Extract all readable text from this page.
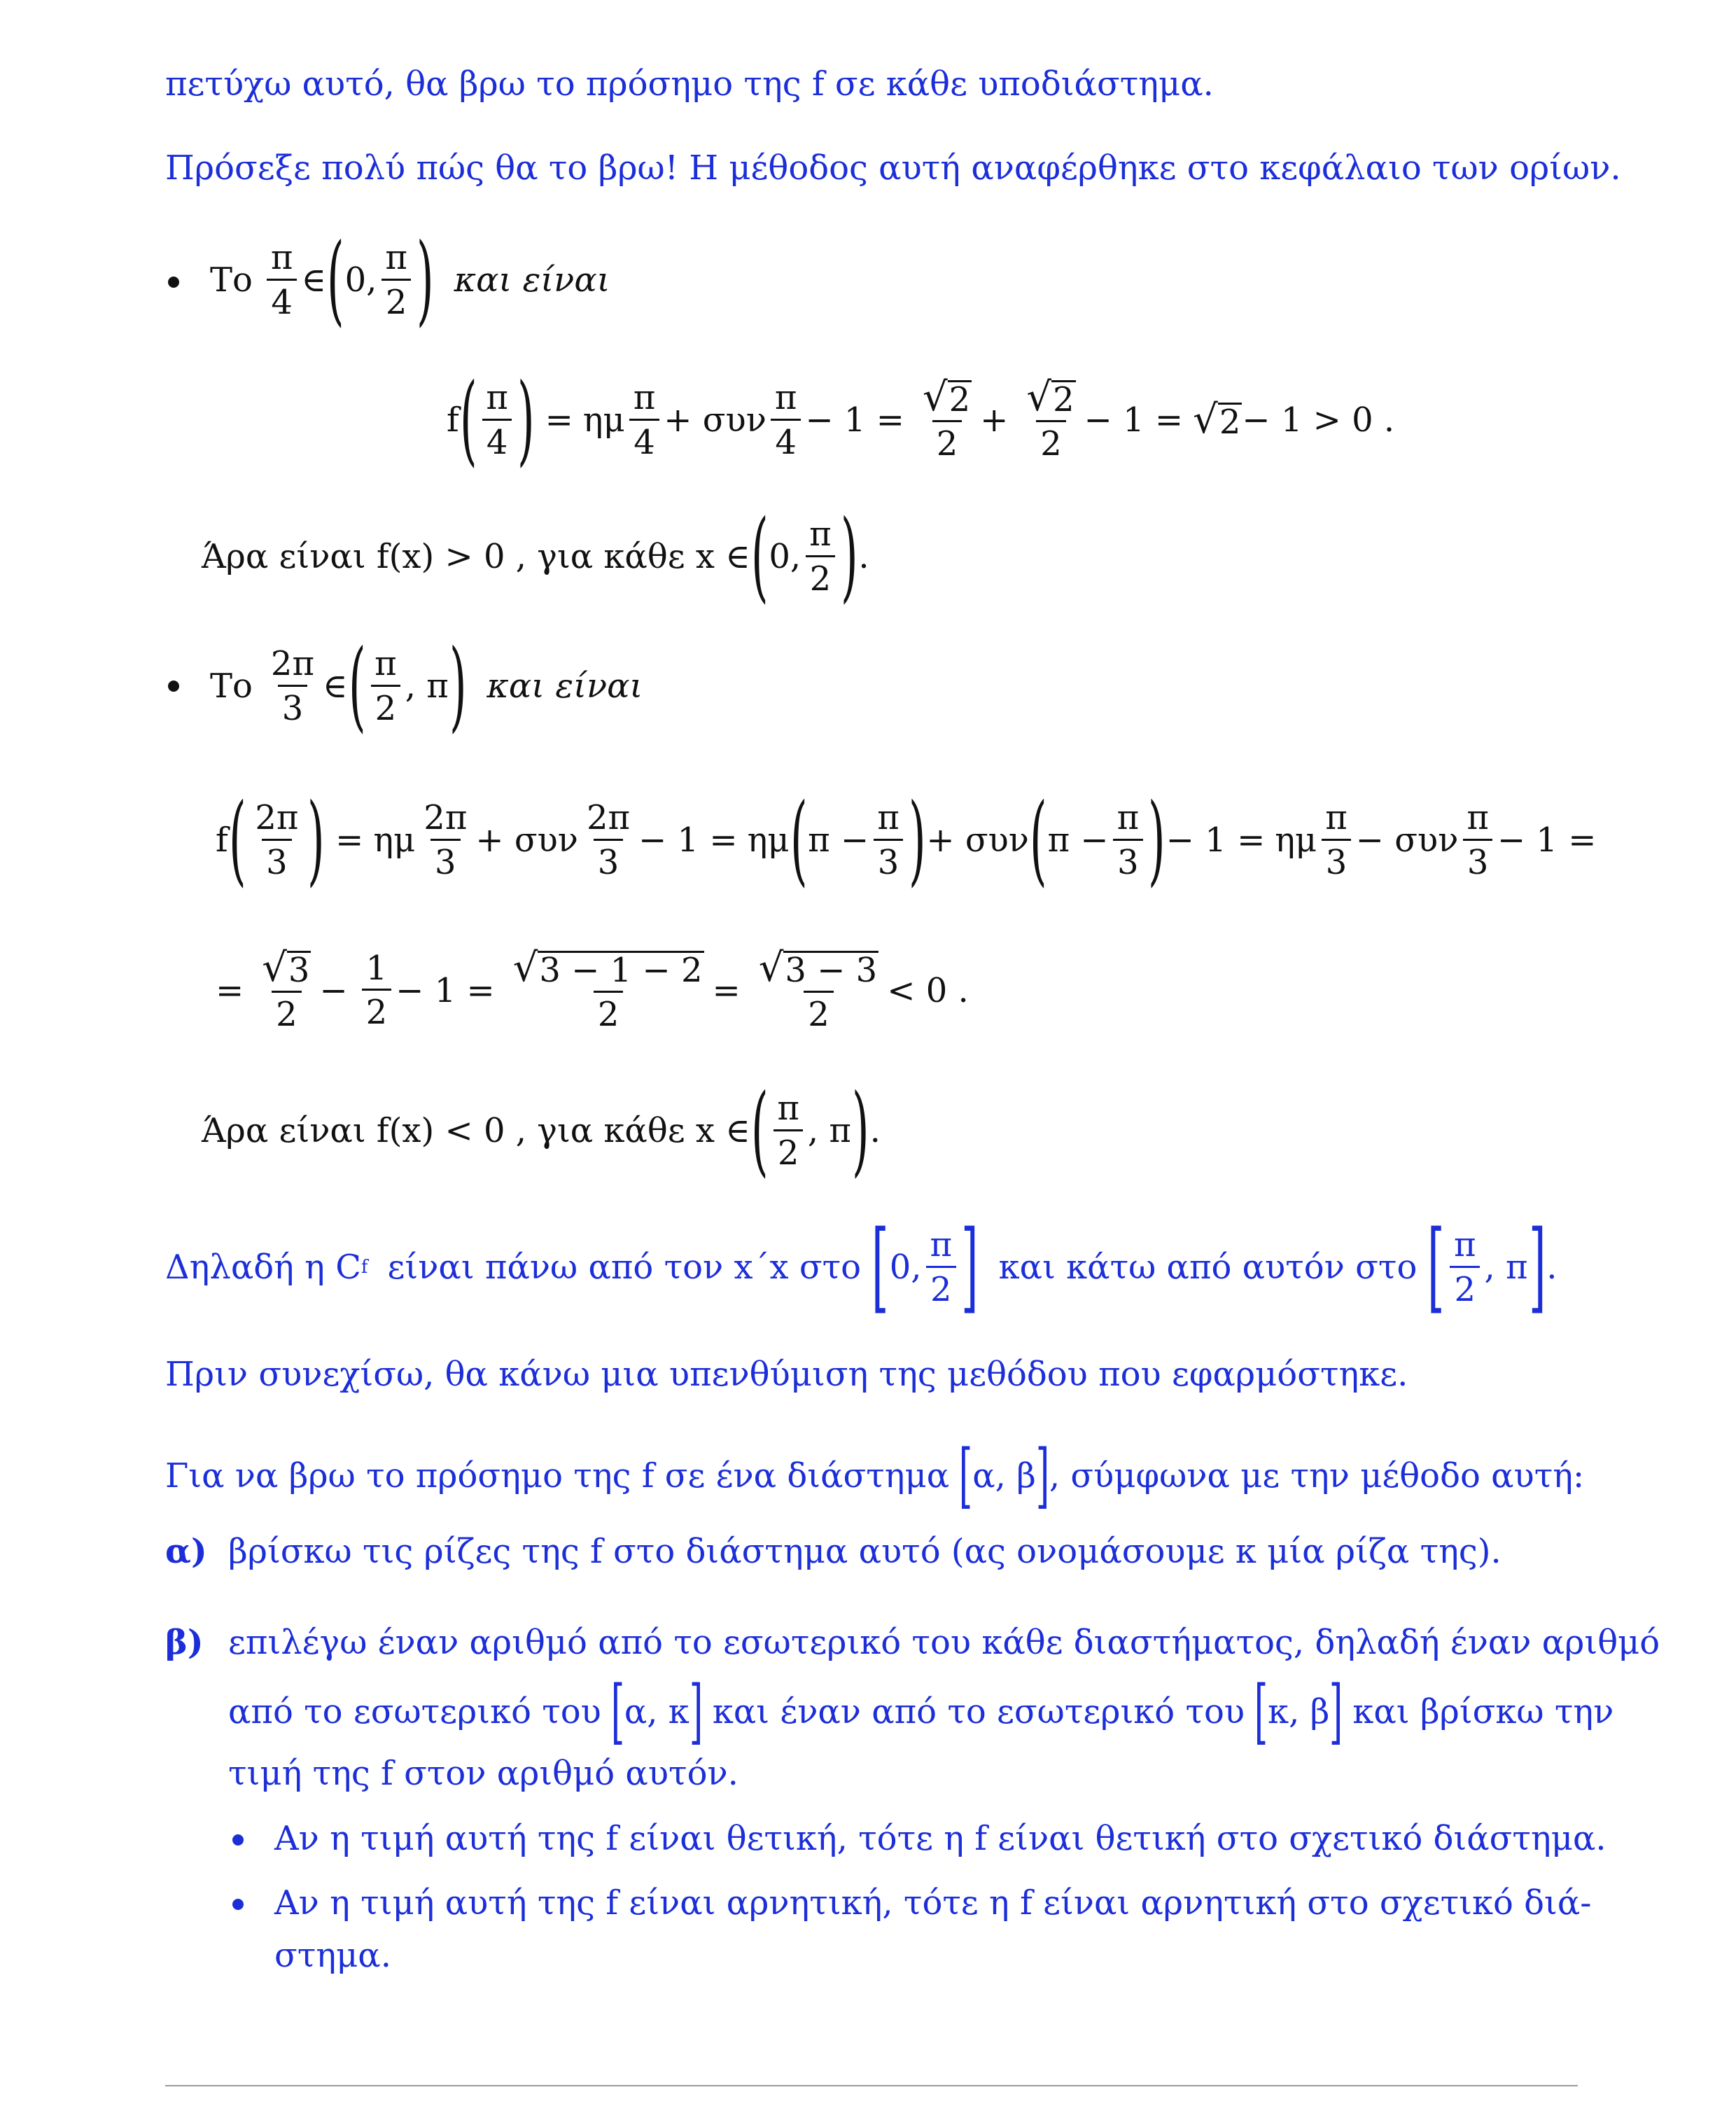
πετύχω αυτό, θα βρω το πρόσημο της f σε κάθε υποδιάστημα.
Πρόσεξε πολύ πώς θα το βρω! Η μέθοδος αυτή αναφέρθηκε στο κεφάλαιο των ορίων.
Το $\frac{\pi}{4}$ ∈ ( 0, $\frac{\pi}{2}$ ) και είναι
f ( $\frac{\pi}{4}$ ) = ημ $\frac{\pi}{4} + \sigma\upsilon\nu \frac{\pi}{4} - 1 = \frac{√ 2}{2} + \frac{√ 2}{2} - 1$ = √ 2 − 1 > 0 .
Άρα είναι f(x) > 0 , για κάθε x ∈ ( 0, $\frac{\pi}{2}$ ) .
Το $\frac{2\pi}{3}$ ∈ ( $\frac{\pi}{2}$ , π ) και είναι
f ( $\frac{2\pi}{3}$ ) = ημ $\frac{2\pi}{3} + \sigma\upsilon\nu \frac{2\pi}{3} - 1 = \eta\mu$ ( $\pi - \frac{\pi}{3}$ ) + συν ( $\pi - \frac{\pi}{3}$ ) − 1 = ημ $\frac{\pi}{3} - \sigma\upsilon\nu \frac{\pi}{3} - 1$ =
= $\frac{√ 3}{2} - \frac{1}{2} - 1 = \frac{√ 3 - 1 - 2}{2} = \frac{√ 3 - 3}{2} < 0$ .
Άρα είναι f(x) < 0 , για κάθε x ∈ ( $\frac{\pi}{2}$ , π ) .
Δηλαδή η C f είναι πάνω από τον x΄x στο [ 0, $\frac{\pi}{2}$ ] και κάτω από αυτόν στο [ $\frac{\pi}{2}$ , π ] .
Πριν συνεχίσω, θα κάνω μια υπενθύμιση της μεθόδου που εφαρμόστηκε.
Για να βρω το πρόσημο της f σε ένα διάστημα [ α, β ] , σύμφωνα με την μέθοδο αυτή:
α) βρίσκω τις ρίζες της f στο διάστημα αυτό (ας ονομάσουμε κ μία ρίζα της).
β) επιλέγω έναν αριθμό από το εσωτερικό του κάθε διαστήματος, δηλαδή έναν αριθμό
από το εσωτερικό του [ α, κ ] και έναν από το εσωτερικό του [ κ, β ] και βρίσκω την
τιμή της f στον αριθμό αυτόν.
Αν η τιμή αυτή της f είναι θετική, τότε η f είναι θετική στο σχετικό διάστημα.
Αν η τιμή αυτή της f είναι αρνητική, τότε η f είναι αρνητική στο σχετικό διά-
στημα.
